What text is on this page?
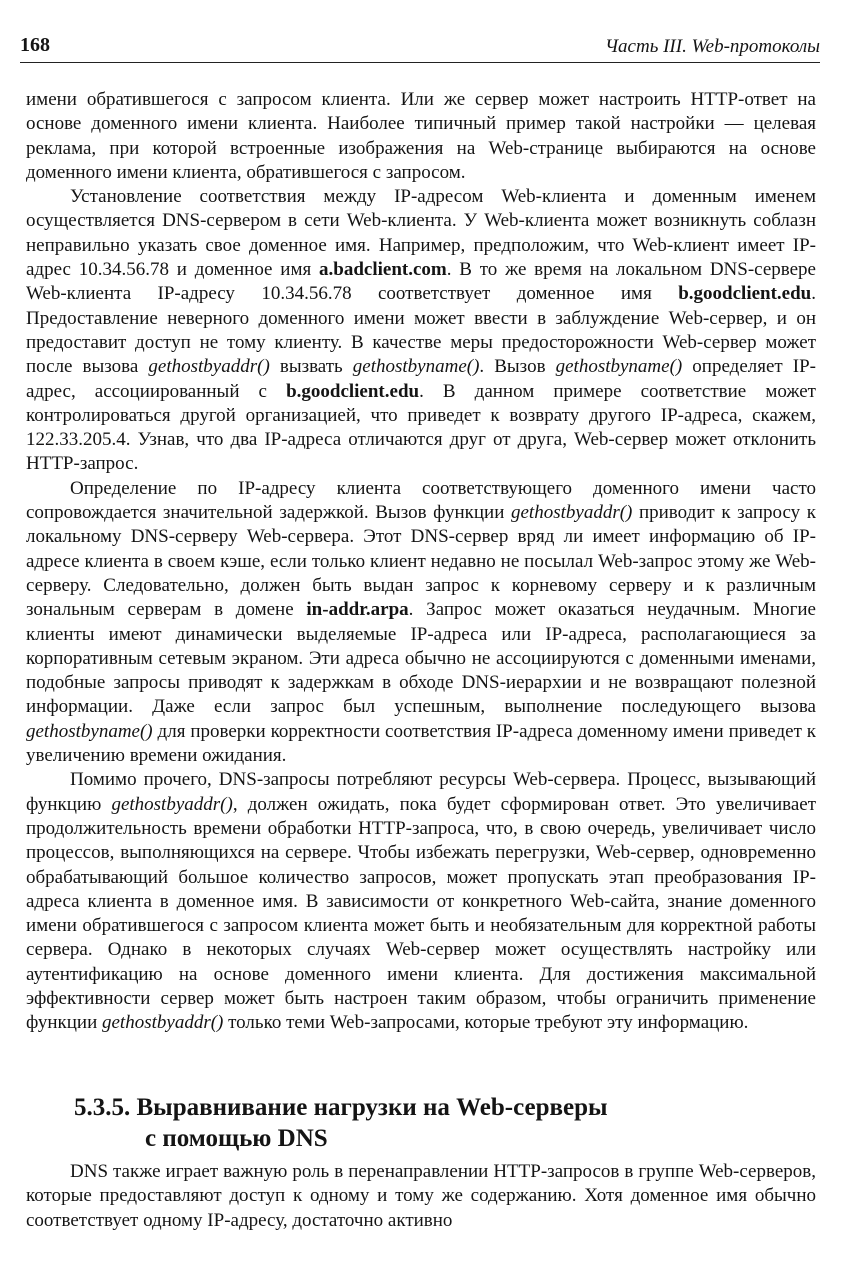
168	Часть III. Web-протоколы

имени обратившегося с запросом клиента. Или же сервер может настроить HTTP-ответ на основе доменного имени клиента. Наиболее типичный пример такой настройки — целевая реклама, при которой встроенные изображения на Web-странице выбираются на основе доменного имени клиента, обратившегося с запросом.

Установление соответствия между IP-адресом Web-клиента и доменным именем осуществляется DNS-сервером в сети Web-клиента. У Web-клиента может возникнуть соблазн неправильно указать свое доменное имя. Например, предположим, что Web-клиент имеет IP-адрес 10.34.56.78 и доменное имя a.badclient.com. В то же время на локальном DNS-сервере Web-клиента IP-адресу 10.34.56.78 соответствует доменное имя b.goodclient.edu. Предоставление неверного доменного имени может ввести в заблуждение Web-сервер, и он предоставит доступ не тому клиенту. В качестве меры предосторожности Web-сервер может после вызова gethostbyaddr() вызвать gethostbyname(). Вызов gethostbyname() определяет IP-адрес, ассоциированный с b.goodclient.edu. В данном примере соответствие может контролироваться другой организацией, что приведет к возврату другого IP-адреса, скажем, 122.33.205.4. Узнав, что два IP-адреса отличаются друг от друга, Web-сервер может отклонить HTTP-запрос.

Определение по IP-адресу клиента соответствующего доменного имени часто сопровождается значительной задержкой. Вызов функции gethostbyaddr() приводит к запросу к локальному DNS-серверу Web-сервера. Этот DNS-сервер вряд ли имеет информацию об IP-адресе клиента в своем кэше, если только клиент недавно не посылал Web-запрос этому же Web-серверу. Следовательно, должен быть выдан запрос к корневому серверу и к различным зональным серверам в домене in-addr.arpa. Запрос может оказаться неудачным. Многие клиенты имеют динамически выделяемые IP-адреса или IP-адреса, располагающиеся за корпоративным сетевым экраном. Эти адреса обычно не ассоциируются с доменными именами, подобные запросы приводят к задержкам в обходе DNS-иерархии и не возвращают полезной информации. Даже если запрос был успешным, выполнение последующего вызова gethostbyname() для проверки корректности соответствия IP-адреса доменному имени приведет к увеличению времени ожидания.

Помимо прочего, DNS-запросы потребляют ресурсы Web-сервера. Процесс, вызывающий функцию gethostbyaddr(), должен ожидать, пока будет сформирован ответ. Это увеличивает продолжительность времени обработки HTTP-запроса, что, в свою очередь, увеличивает число процессов, выполняющихся на сервере. Чтобы избежать перегрузки, Web-сервер, одновременно обрабатывающий большое количество запросов, может пропускать этап преобразования IP-адреса клиента в доменное имя. В зависимости от конкретного Web-сайта, знание доменного имени обратившегося с запросом клиента может быть и необязательным для корректной работы сервера. Однако в некоторых случаях Web-сервер может осуществлять настройку или аутентификацию на основе доменного имени клиента. Для достижения максимальной эффективности сервер может быть настроен таким образом, чтобы ограничить применение функции gethostbyaddr() только теми Web-запросами, которые требуют эту информацию.

5.3.5. Выравнивание нагрузки на Web-серверы
с помощью DNS

DNS также играет важную роль в перенаправлении HTTP-запросов в группе Web-серверов, которые предоставляют доступ к одному и тому же содержанию. Хотя доменное имя обычно соответствует одному IP-адресу, достаточно активно
